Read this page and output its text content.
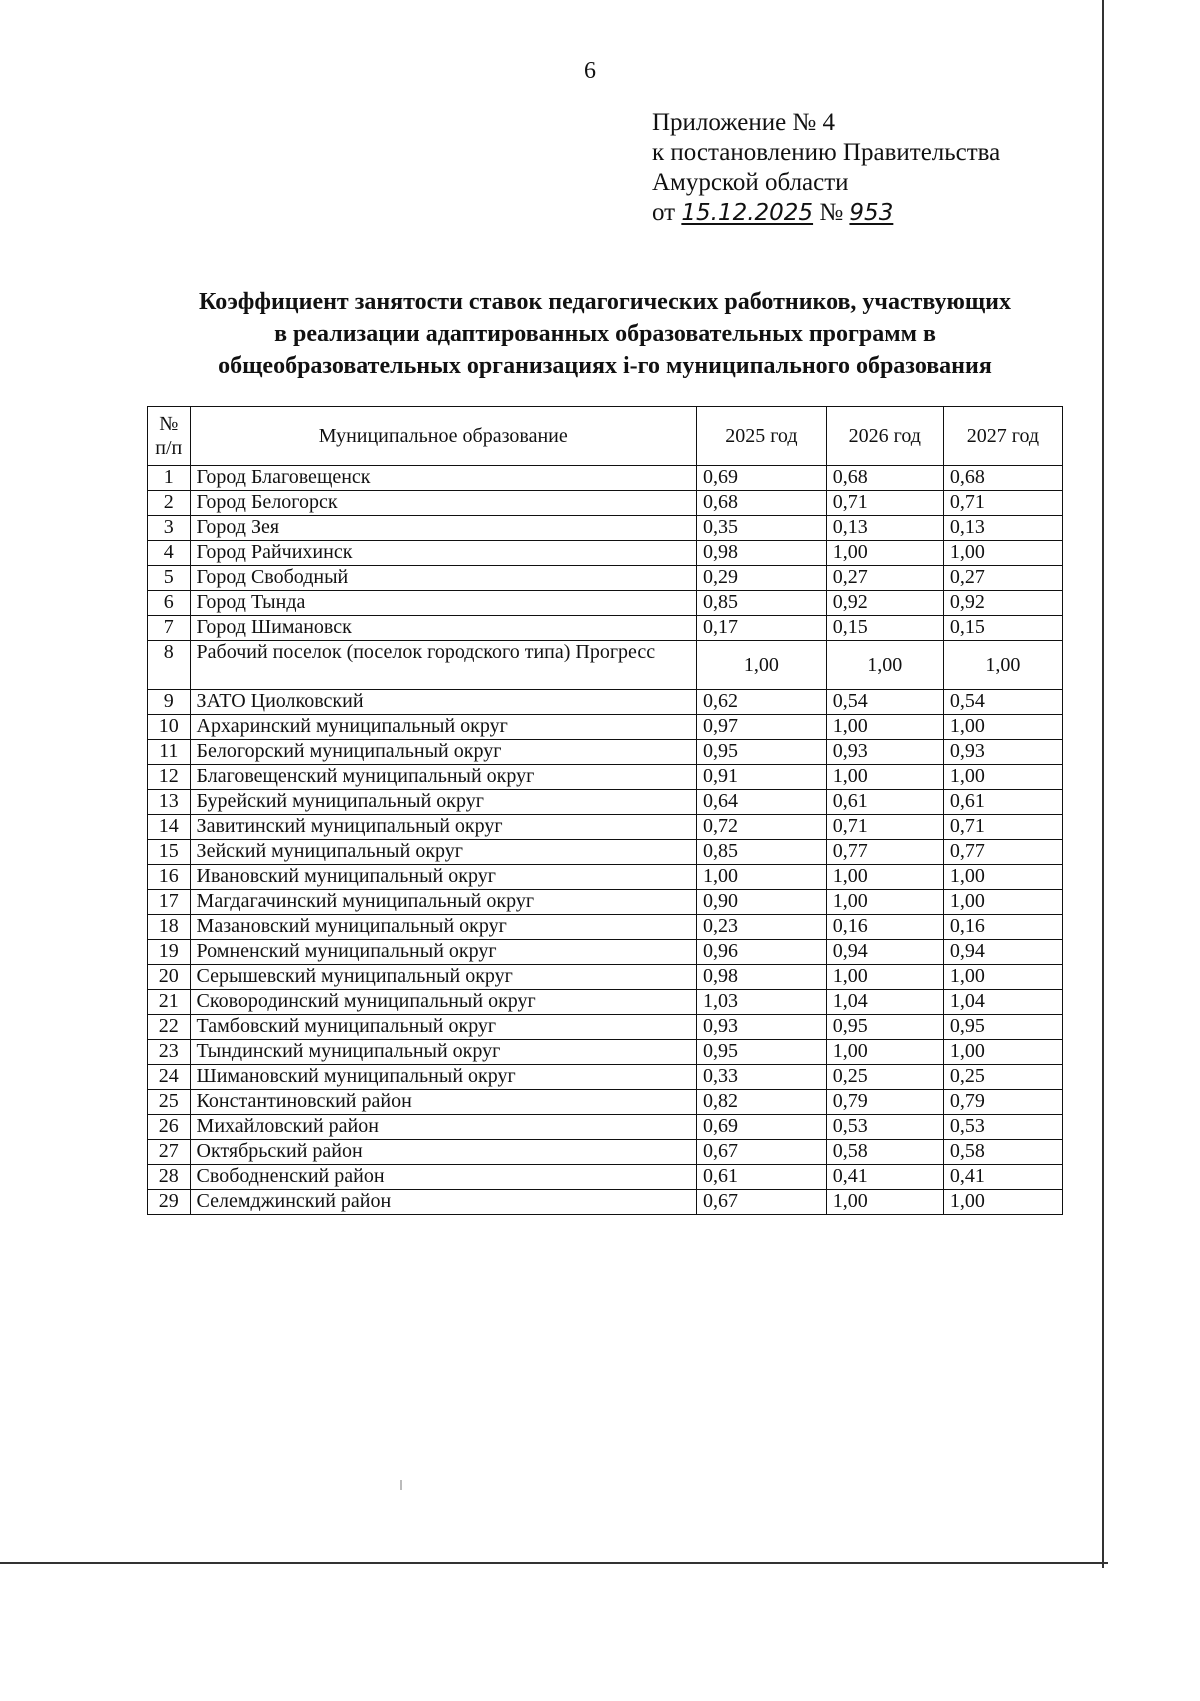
6
Приложение № 4
к постановлению Правительства
Амурской области
от 15.12.2025 № 953
Коэффициент занятости ставок педагогических работников, участвующих
в реализации адаптированных образовательных программ в
общеобразовательных организациях i-го муниципального образования
№
п/п	Муниципальное образование	2025 год	2026 год	2027 год
1	Город Благовещенск	0,69	0,68	0,68
2	Город Белогорск	0,68	0,71	0,71
3	Город Зея	0,35	0,13	0,13
4	Город Райчихинск	0,98	1,00	1,00
5	Город Свободный	0,29	0,27	0,27
6	Город Тында	0,85	0,92	0,92
7	Город Шимановск	0,17	0,15	0,15
8	Рабочий поселок (поселок городского типа) Прогресс	1,00	1,00	1,00
9	ЗАТО Циолковский	0,62	0,54	0,54
10	Архаринский муниципальный округ	0,97	1,00	1,00
11	Белогорский муниципальный округ	0,95	0,93	0,93
12	Благовещенский муниципальный округ	0,91	1,00	1,00
13	Бурейский муниципальный округ	0,64	0,61	0,61
14	Завитинский муниципальный округ	0,72	0,71	0,71
15	Зейский муниципальный округ	0,85	0,77	0,77
16	Ивановский муниципальный округ	1,00	1,00	1,00
17	Магдагачинский муниципальный округ	0,90	1,00	1,00
18	Мазановский муниципальный округ	0,23	0,16	0,16
19	Ромненский муниципальный округ	0,96	0,94	0,94
20	Серышевский муниципальный округ	0,98	1,00	1,00
21	Сковородинский муниципальный округ	1,03	1,04	1,04
22	Тамбовский муниципальный округ	0,93	0,95	0,95
23	Тындинский муниципальный округ	0,95	1,00	1,00
24	Шимановский муниципальный округ	0,33	0,25	0,25
25	Константиновский район	0,82	0,79	0,79
26	Михайловский район	0,69	0,53	0,53
27	Октябрьский район	0,67	0,58	0,58
28	Свободненский район	0,61	0,41	0,41
29	Селемджинский район	0,67	1,00	1,00
